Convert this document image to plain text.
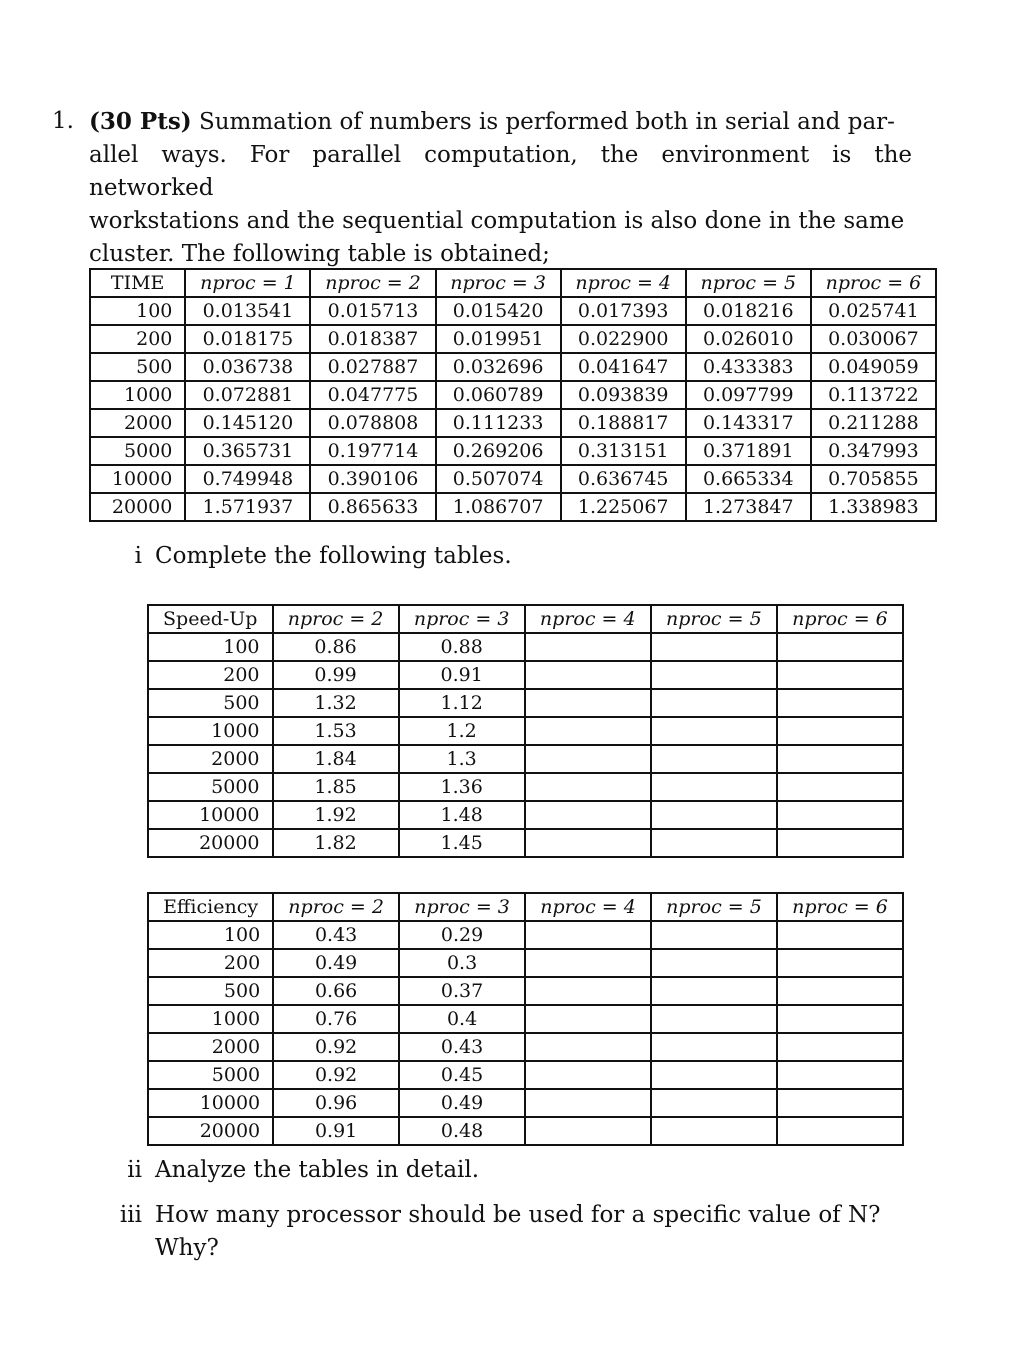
1. (30 Pts) Summation of numbers is performed both in serial and par-
allel ways. For parallel computation, the environment is the networked
workstations and the sequential computation is also done in the same
cluster. The following table is obtained;
TIME	nproc = 1	nproc = 2	nproc = 3	nproc = 4	nproc = 5	nproc = 6
100	0.013541	0.015713	0.015420	0.017393	0.018216	0.025741
200	0.018175	0.018387	0.019951	0.022900	0.026010	0.030067
500	0.036738	0.027887	0.032696	0.041647	0.433383	0.049059
1000	0.072881	0.047775	0.060789	0.093839	0.097799	0.113722
2000	0.145120	0.078808	0.111233	0.188817	0.143317	0.211288
5000	0.365731	0.197714	0.269206	0.313151	0.371891	0.347993
10000	0.749948	0.390106	0.507074	0.636745	0.665334	0.705855
20000	1.571937	0.865633	1.086707	1.225067	1.273847	1.338983
i Complete the following tables.
Speed-Up	nproc = 2	nproc = 3	nproc = 4	nproc = 5	nproc = 6
100	0.86	0.88			
200	0.99	0.91			
500	1.32	1.12			
1000	1.53	1.2			
2000	1.84	1.3			
5000	1.85	1.36			
10000	1.92	1.48			
20000	1.82	1.45			
Efficiency	nproc = 2	nproc = 3	nproc = 4	nproc = 5	nproc = 6
100	0.43	0.29			
200	0.49	0.3			
500	0.66	0.37			
1000	0.76	0.4			
2000	0.92	0.43			
5000	0.92	0.45			
10000	0.96	0.49			
20000	0.91	0.48			
ii Analyze the tables in detail.
iii How many processor should be used for a specific value of N?
Why?
